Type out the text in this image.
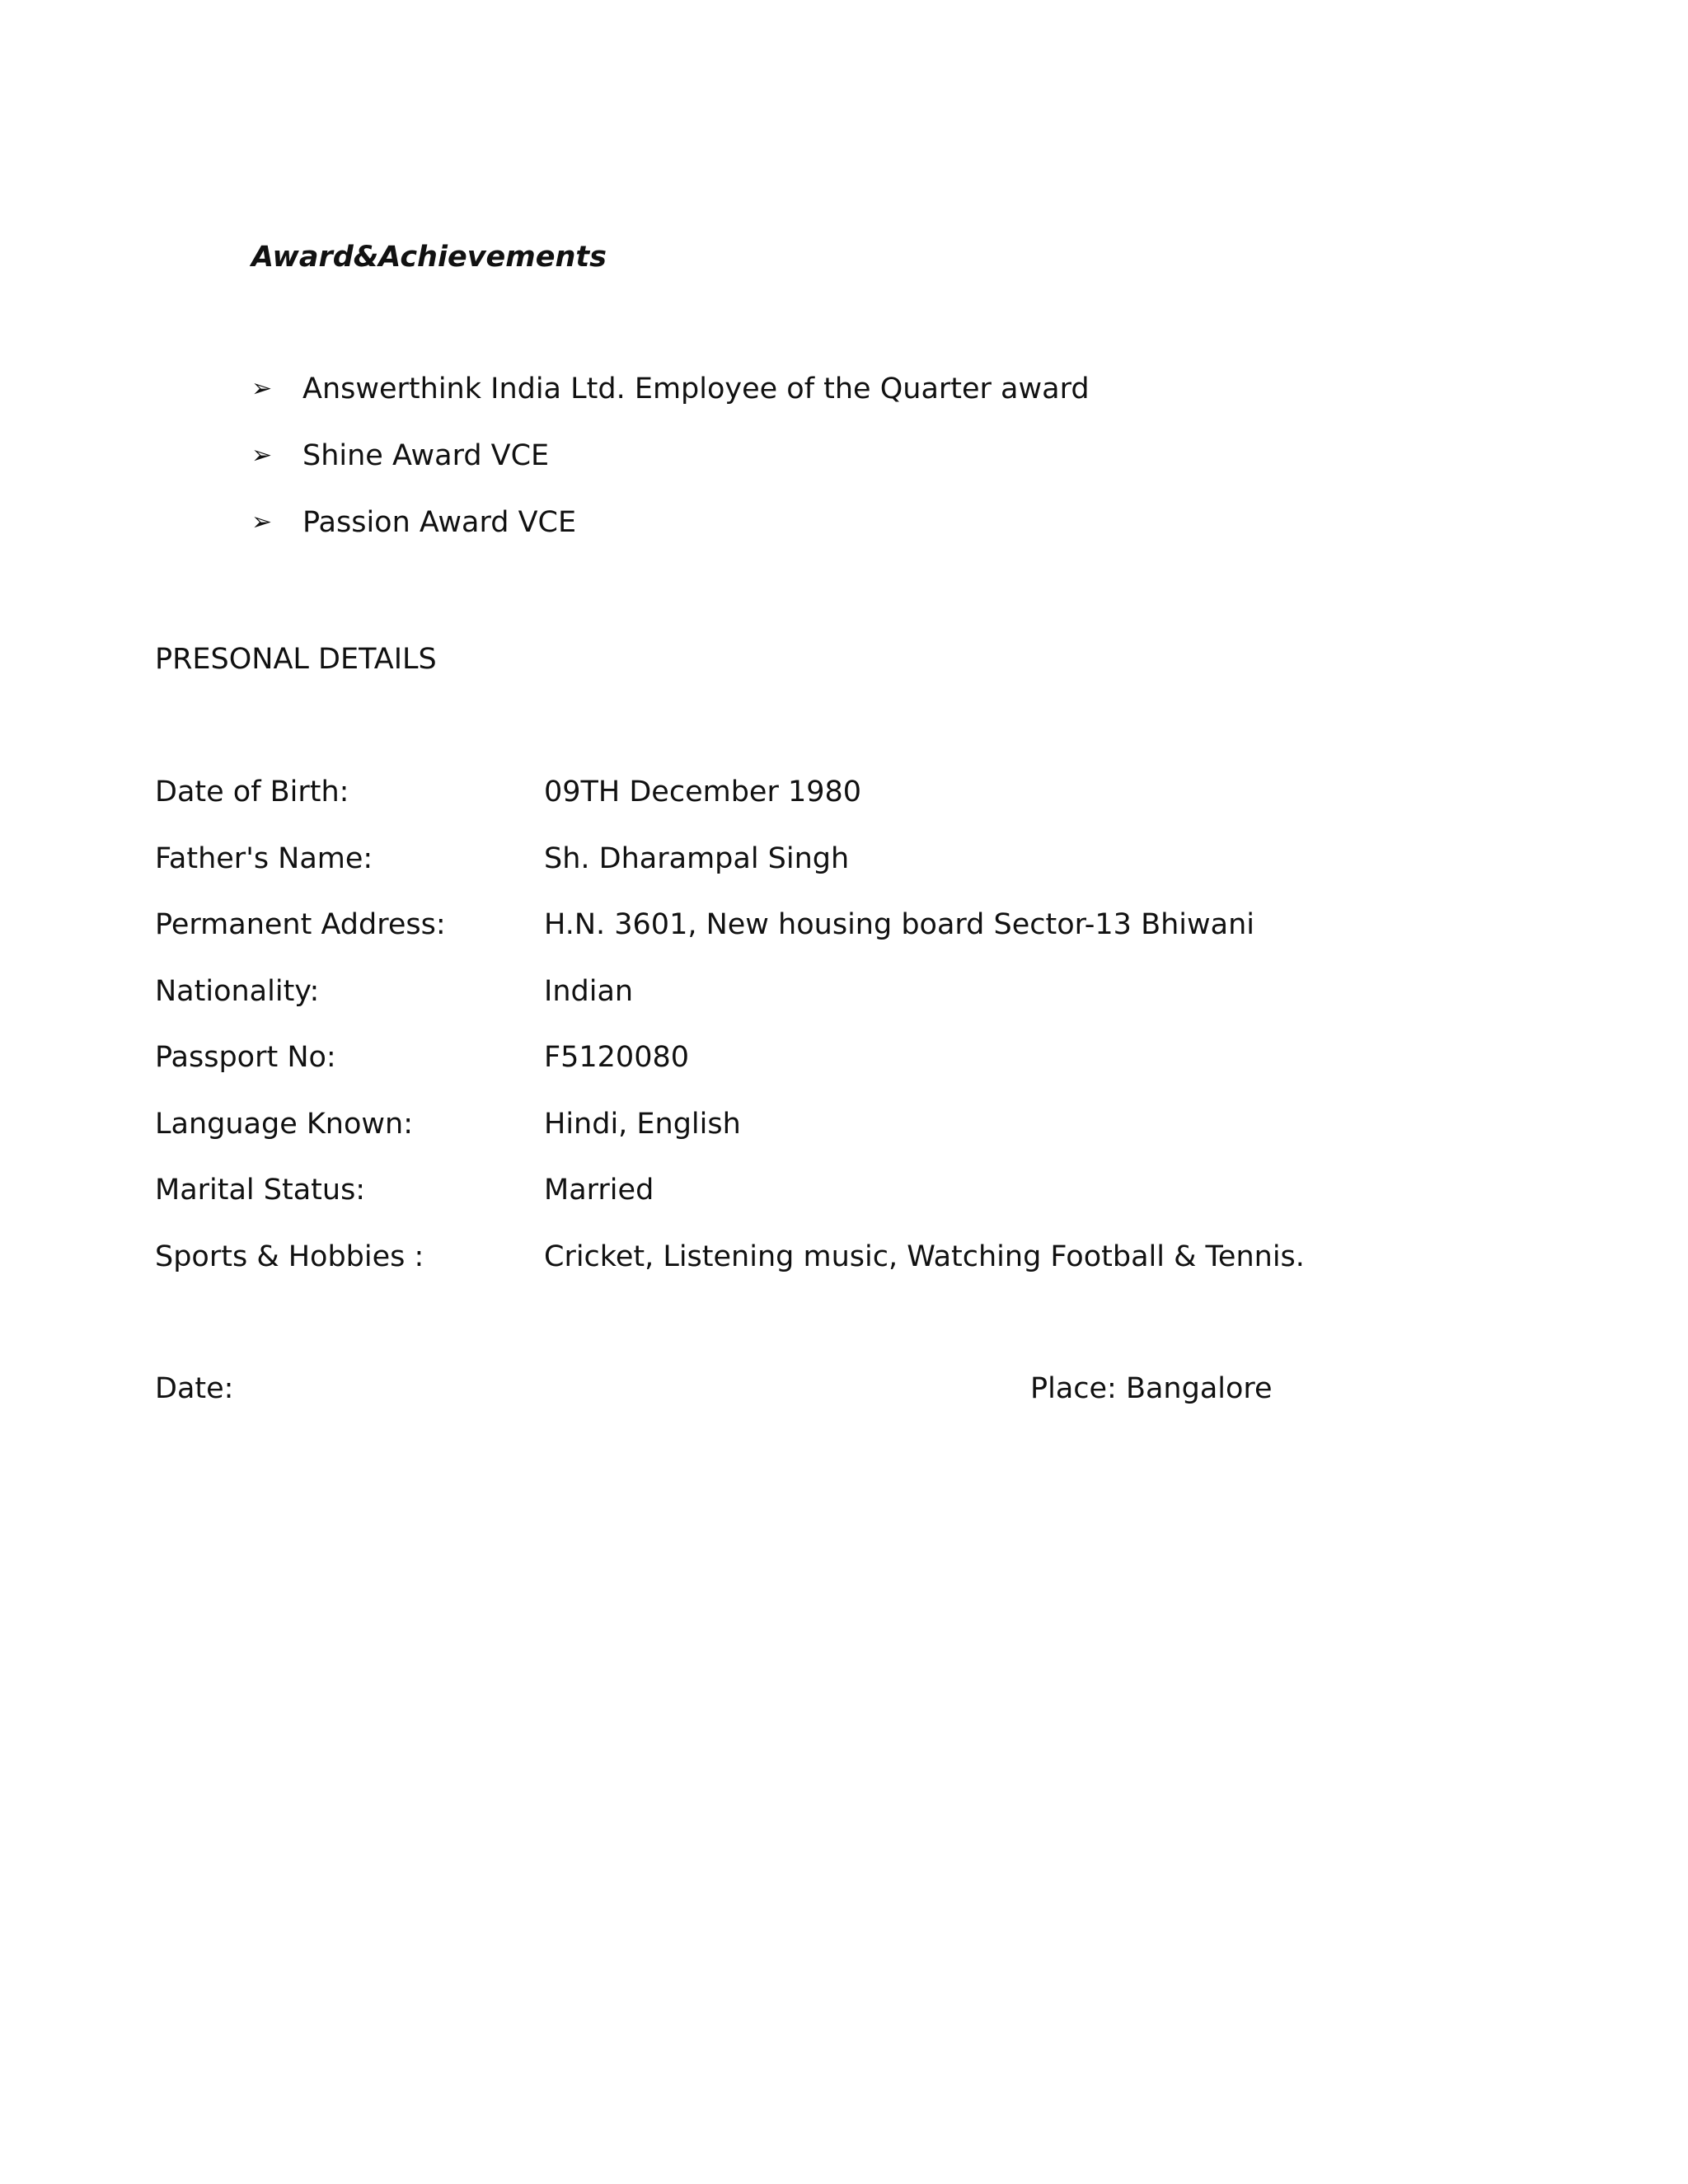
Award&Achievements
➢	Answerthink India Ltd. Employee of the Quarter award
➢	Shine Award VCE
➢	Passion Award VCE
PRESONAL DETAILS
Date of Birth:	09TH December 1980
Father's Name:	Sh. Dharampal Singh
Permanent Address:	H.N. 3601, New housing board Sector-13 Bhiwani
Nationality:	Indian
Passport No:	F5120080
Language Known:	Hindi, English
Marital Status:	Married
Sports & Hobbies :	Cricket, Listening music, Watching Football & Tennis.
Date:	Place: Bangalore
